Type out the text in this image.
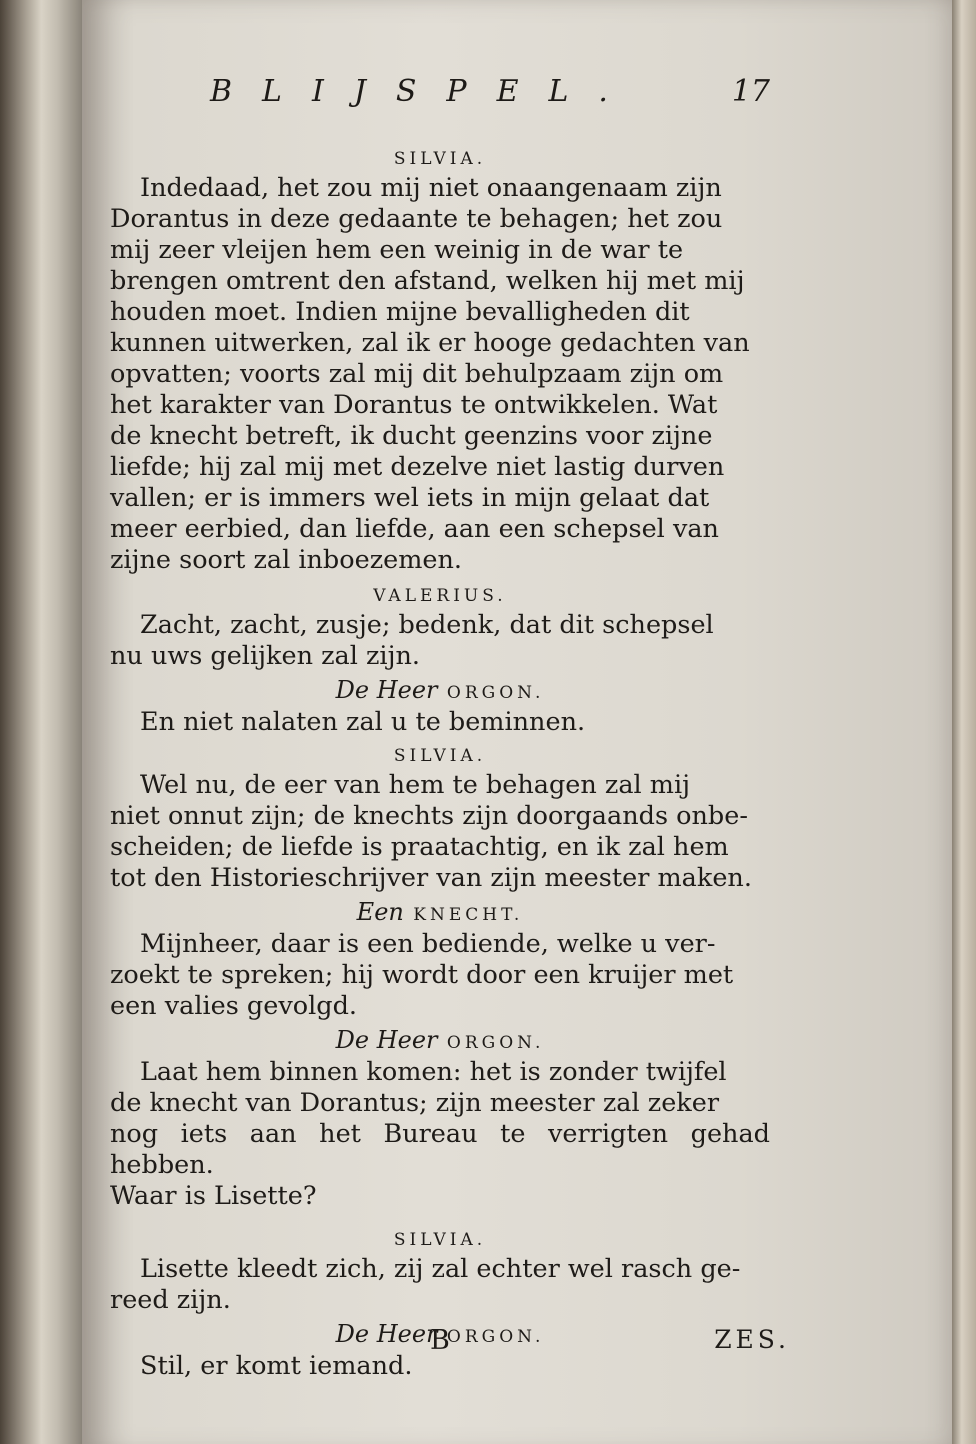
BLIJSPEL.	17

SILVIA.

Indedaad, het zou mij niet onaangenaam zijn
Dorantus in deze gedaante te behagen; het zou
mij zeer vleijen hem een weinig in de war te
brengen omtrent den afstand, welken hij met mij
houden moet. Indien mijne bevalligheden dit
kunnen uitwerken, zal ik er hooge gedachten van
opvatten; voorts zal mij dit behulpzaam zijn om
het karakter van Dorantus te ontwikkelen. Wat
de knecht betreft, ik ducht geenzins voor zijne
liefde; hij zal mij met dezelve niet lastig durven
vallen; er is immers wel iets in mijn gelaat dat
meer eerbied, dan liefde, aan een schepsel van
zijne soort zal inboezemen.

VALERIUS.

Zacht, zacht, zusje; bedenk, dat dit schepsel
nu uws gelijken zal zijn.

De Heer ORGON.

En niet nalaten zal u te beminnen.

SILVIA.

Wel nu, de eer van hem te behagen zal mij
niet onnut zijn; de knechts zijn doorgaands onbe-
scheiden; de liefde is praatachtig, en ik zal hem
tot den Historieschrijver van zijn meester maken.

Een KNECHT.

Mijnheer, daar is een bediende, welke u ver-
zoekt te spreken; hij wordt door een kruijer met
een valies gevolgd.

De Heer ORGON.

Laat hem binnen komen: het is zonder twijfel
de knecht van Dorantus; zijn meester zal zeker
nog iets aan het Bureau te verrigten gehad hebben.
Waar is Lisette?

SILVIA.

Lisette kleedt zich, zij zal echter wel rasch ge-
reed zijn.

De Heer ORGON.

Stil, er komt iemand.

B	ZES.
